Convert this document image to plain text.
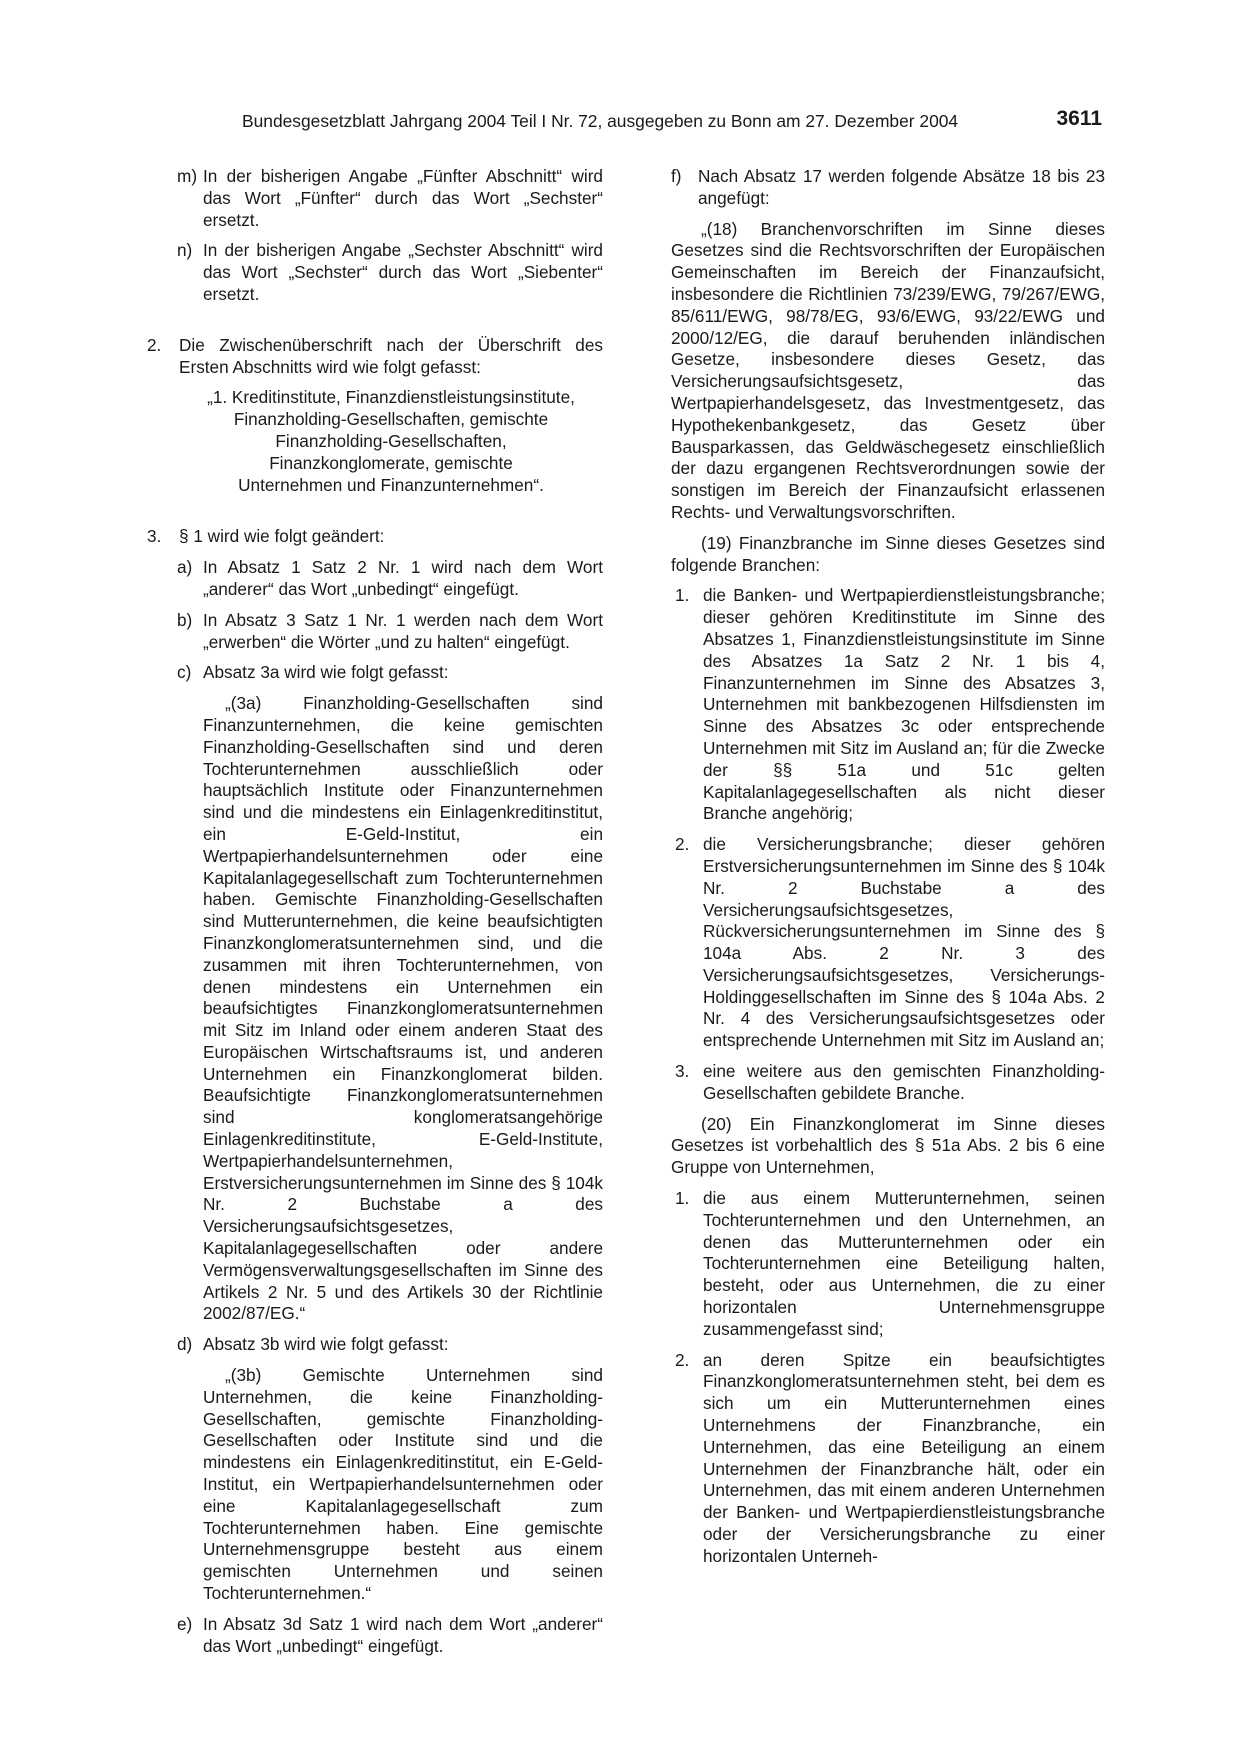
Bundesgesetzblatt Jahrgang 2004 Teil I Nr. 72, ausgegeben zu Bonn am 27. Dezember 2004	3611
m) In der bisherigen Angabe „Fünfter Abschnitt“ wird das Wort „Fünfter“ durch das Wort „Sechster“ ersetzt.
n) In der bisherigen Angabe „Sechster Abschnitt“ wird das Wort „Sechster“ durch das Wort „Siebenter“ ersetzt.
2. Die Zwischenüberschrift nach der Überschrift des Ersten Abschnitts wird wie folgt gefasst:
„1. Kreditinstitute, Finanzdienstleistungsinstitute,
Finanzholding-Gesellschaften, gemischte
Finanzholding-Gesellschaften,
Finanzkonglomerate, gemischte
Unternehmen und Finanzunternehmen“.
3. § 1 wird wie folgt geändert:
a) In Absatz 1 Satz 2 Nr. 1 wird nach dem Wort „anderer“ das Wort „unbedingt“ eingefügt.
b) In Absatz 3 Satz 1 Nr. 1 werden nach dem Wort „erwerben“ die Wörter „und zu halten“ eingefügt.
c) Absatz 3a wird wie folgt gefasst:
„(3a) Finanzholding-Gesellschaften sind Finanzunternehmen, die keine gemischten Finanzholding-Gesellschaften sind und deren Tochterunternehmen ausschließlich oder hauptsächlich Institute oder Finanzunternehmen sind und die mindestens ein Einlagenkreditinstitut, ein E-Geld-Institut, ein Wertpapierhandelsunternehmen oder eine Kapitalanlagegesellschaft zum Tochterunternehmen haben. Gemischte Finanzholding-Gesellschaften sind Mutterunternehmen, die keine beaufsichtigten Finanzkonglomeratsunternehmen sind, und die zusammen mit ihren Tochterunternehmen, von denen mindestens ein Unternehmen ein beaufsichtigtes Finanzkonglomeratsunternehmen mit Sitz im Inland oder einem anderen Staat des Europäischen Wirtschaftsraums ist, und anderen Unternehmen ein Finanzkonglomerat bilden. Beaufsichtigte Finanzkonglomeratsunternehmen sind konglomeratsangehörige Einlagenkreditinstitute, E-Geld-Institute, Wertpapierhandelsunternehmen, Erstversicherungsunternehmen im Sinne des § 104k Nr. 2 Buchstabe a des Versicherungsaufsichtsgesetzes, Kapitalanlagegesellschaften oder andere Vermögensverwaltungsgesellschaften im Sinne des Artikels 2 Nr. 5 und des Artikels 30 der Richtlinie 2002/87/EG.“
d) Absatz 3b wird wie folgt gefasst:
„(3b) Gemischte Unternehmen sind Unternehmen, die keine Finanzholding-Gesellschaften, gemischte Finanzholding-Gesellschaften oder Institute sind und die mindestens ein Einlagenkreditinstitut, ein E-Geld-Institut, ein Wertpapierhandelsunternehmen oder eine Kapitalanlagegesellschaft zum Tochterunternehmen haben. Eine gemischte Unternehmensgruppe besteht aus einem gemischten Unternehmen und seinen Tochterunternehmen.“
e) In Absatz 3d Satz 1 wird nach dem Wort „anderer“ das Wort „unbedingt“ eingefügt.
f) Nach Absatz 17 werden folgende Absätze 18 bis 23 angefügt:
„(18) Branchenvorschriften im Sinne dieses Gesetzes sind die Rechtsvorschriften der Europäischen Gemeinschaften im Bereich der Finanzaufsicht, insbesondere die Richtlinien 73/239/EWG, 79/267/EWG, 85/611/EWG, 98/78/EG, 93/6/EWG, 93/22/EWG und 2000/12/EG, die darauf beruhenden inländischen Gesetze, insbesondere dieses Gesetz, das Versicherungsaufsichtsgesetz, das Wertpapierhandelsgesetz, das Investmentgesetz, das Hypothekenbankgesetz, das Gesetz über Bausparkassen, das Geldwäschegesetz einschließlich der dazu ergangenen Rechtsverordnungen sowie der sonstigen im Bereich der Finanzaufsicht erlassenen Rechts- und Verwaltungsvorschriften.
(19) Finanzbranche im Sinne dieses Gesetzes sind folgende Branchen:
1. die Banken- und Wertpapierdienstleistungsbranche; dieser gehören Kreditinstitute im Sinne des Absatzes 1, Finanzdienstleistungsinstitute im Sinne des Absatzes 1a Satz 2 Nr. 1 bis 4, Finanzunternehmen im Sinne des Absatzes 3, Unternehmen mit bankbezogenen Hilfsdiensten im Sinne des Absatzes 3c oder entsprechende Unternehmen mit Sitz im Ausland an; für die Zwecke der §§ 51a und 51c gelten Kapitalanlagegesellschaften als nicht dieser Branche angehörig;
2. die Versicherungsbranche; dieser gehören Erstversicherungsunternehmen im Sinne des § 104k Nr. 2 Buchstabe a des Versicherungsaufsichtsgesetzes, Rückversicherungsunternehmen im Sinne des § 104a Abs. 2 Nr. 3 des Versicherungsaufsichtsgesetzes, Versicherungs-Holdinggesellschaften im Sinne des § 104a Abs. 2 Nr. 4 des Versicherungsaufsichtsgesetzes oder entsprechende Unternehmen mit Sitz im Ausland an;
3. eine weitere aus den gemischten Finanzholding-Gesellschaften gebildete Branche.
(20) Ein Finanzkonglomerat im Sinne dieses Gesetzes ist vorbehaltlich des § 51a Abs. 2 bis 6 eine Gruppe von Unternehmen,
1. die aus einem Mutterunternehmen, seinen Tochterunternehmen und den Unternehmen, an denen das Mutterunternehmen oder ein Tochterunternehmen eine Beteiligung halten, besteht, oder aus Unternehmen, die zu einer horizontalen Unternehmensgruppe zusammengefasst sind;
2. an deren Spitze ein beaufsichtigtes Finanzkonglomeratsunternehmen steht, bei dem es sich um ein Mutterunternehmen eines Unternehmens der Finanzbranche, ein Unternehmen, das eine Beteiligung an einem Unternehmen der Finanzbranche hält, oder ein Unternehmen, das mit einem anderen Unternehmen der Banken- und Wertpapierdienstleistungsbranche oder der Versicherungsbranche zu einer horizontalen Unterneh-
